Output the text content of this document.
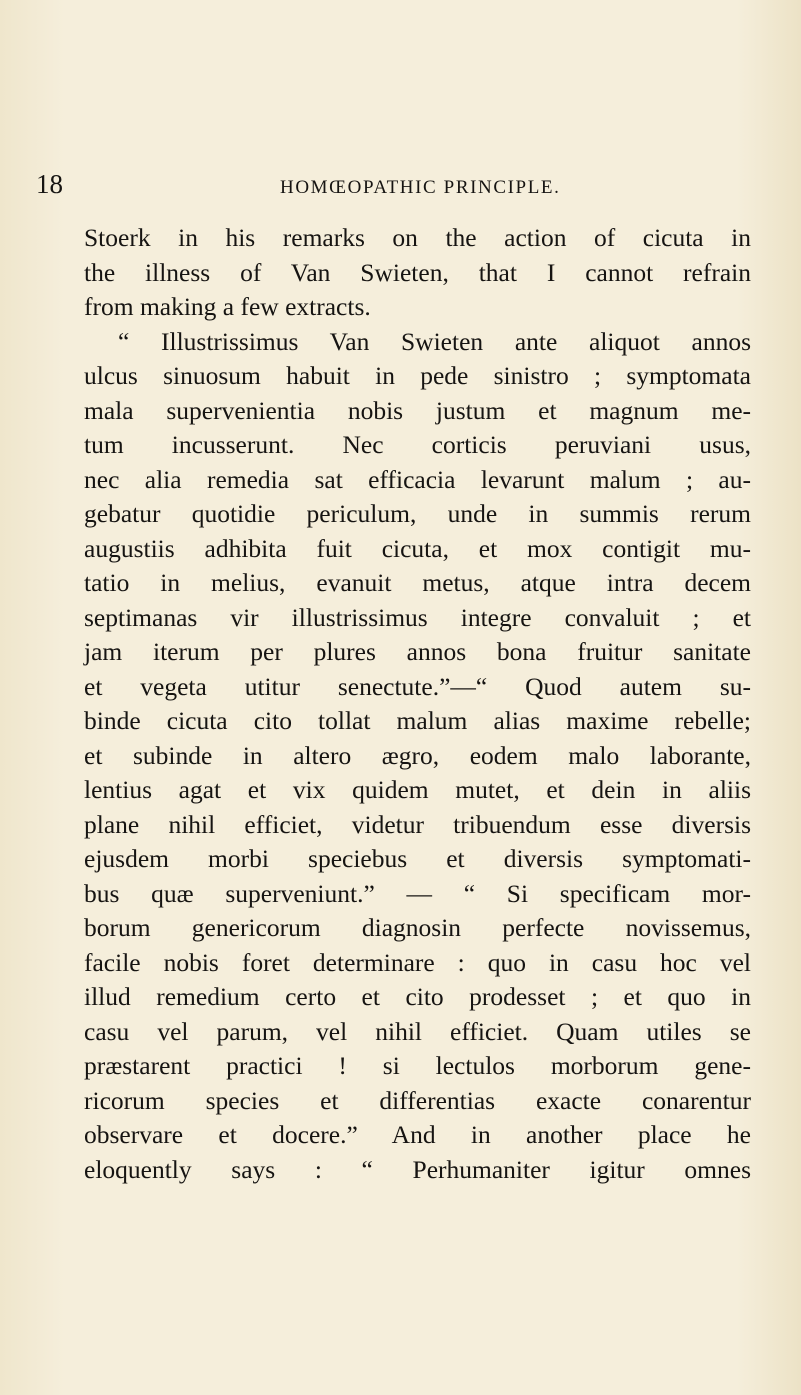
18	HOMŒOPATHIC PRINCIPLE.
Stoerk in his remarks on the action of cicuta in
the illness of Van Swieten, that I cannot refrain
from making a few extracts.
“ Illustrissimus Van Swieten ante aliquot annos
ulcus sinuosum habuit in pede sinistro ; symptomata
mala supervenientia nobis justum et magnum me-
tum incusserunt. Nec corticis peruviani usus,
nec alia remedia sat efficacia levarunt malum ; au-
gebatur quotidie periculum, unde in summis rerum
augustiis adhibita fuit cicuta, et mox contigit mu-
tatio in melius, evanuit metus, atque intra decem
septimanas vir illustrissimus integre convaluit ; et
jam iterum per plures annos bona fruitur sanitate
et vegeta utitur senectute.”—“ Quod autem su-
binde cicuta cito tollat malum alias maxime rebelle;
et subinde in altero ægro, eodem malo laborante,
lentius agat et vix quidem mutet, et dein in aliis
plane nihil efficiet, videtur tribuendum esse diversis
ejusdem morbi speciebus et diversis symptomati-
bus quæ superveniunt.” — “ Si specificam mor-
borum genericorum diagnosin perfecte novissemus,
facile nobis foret determinare : quo in casu hoc vel
illud remedium certo et cito prodesset ; et quo in
casu vel parum, vel nihil efficiet. Quam utiles se
præstarent practici ! si lectulos morborum gene-
ricorum species et differentias exacte conarentur
observare et docere.” And in another place he
eloquently says : “ Perhumaniter igitur omnes
